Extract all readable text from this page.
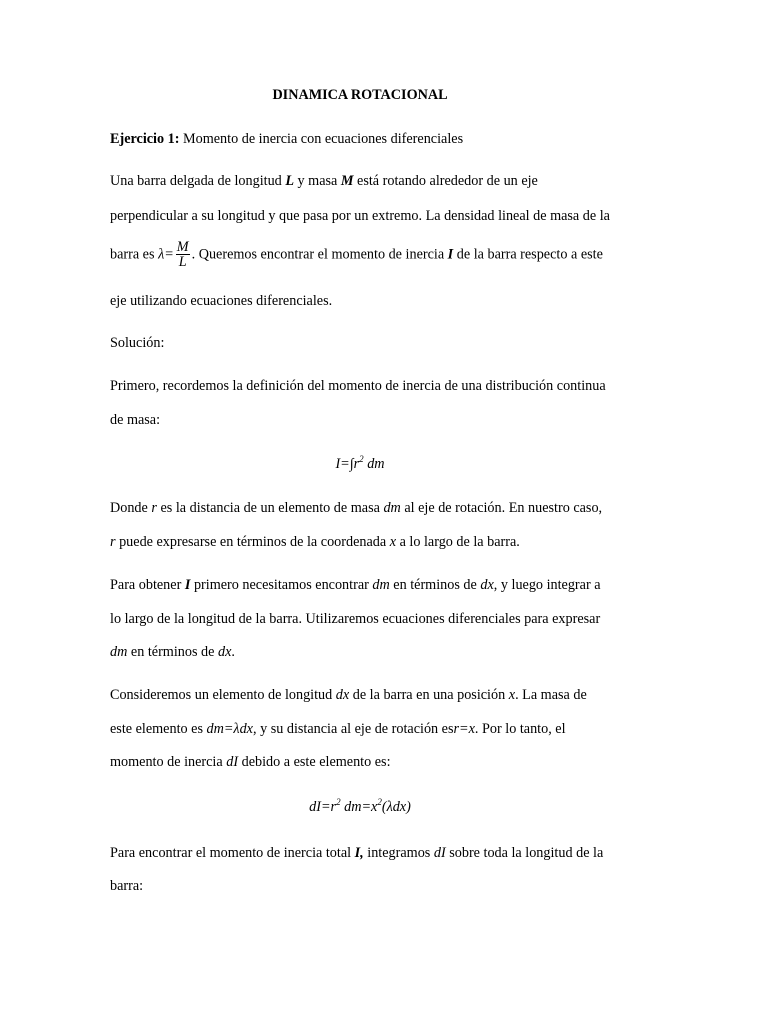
DINAMICA ROTACIONAL
Ejercicio 1: Momento de inercia con ecuaciones diferenciales
Una barra delgada de longitud L y masa M está rotando alrededor de un eje
perpendicular a su longitud y que pasa por un extremo. La densidad lineal de masa de la
barra es $\lambda= \frac{M}{L}$ . Queremos encontrar el momento de inercia I de la barra respecto a este
eje utilizando ecuaciones diferenciales.
Solución:
Primero, recordemos la definición del momento de inercia de una distribución continua
de masa:
$I=\int r^2$ dm
Donde r es la distancia de un elemento de masa dm al eje de rotación. En nuestro caso,
r puede expresarse en términos de la coordenada x a lo largo de la barra.
Para obtener I primero necesitamos encontrar dm en términos de dx, y luego integrar a
lo largo de la longitud de la barra. Utilizaremos ecuaciones diferenciales para expresar
dm en términos de dx.
Consideremos un elemento de longitud dx de la barra en una posición x. La masa de
este elemento es dm=λdx, y su distancia al eje de rotación esr=x. Por lo tanto, el
momento de inercia dI debido a este elemento es:
$dI=r^2$ $dm=x^2(\lambda dx)$
Para encontrar el momento de inercia total I, integramos dI sobre toda la longitud de la
barra:
